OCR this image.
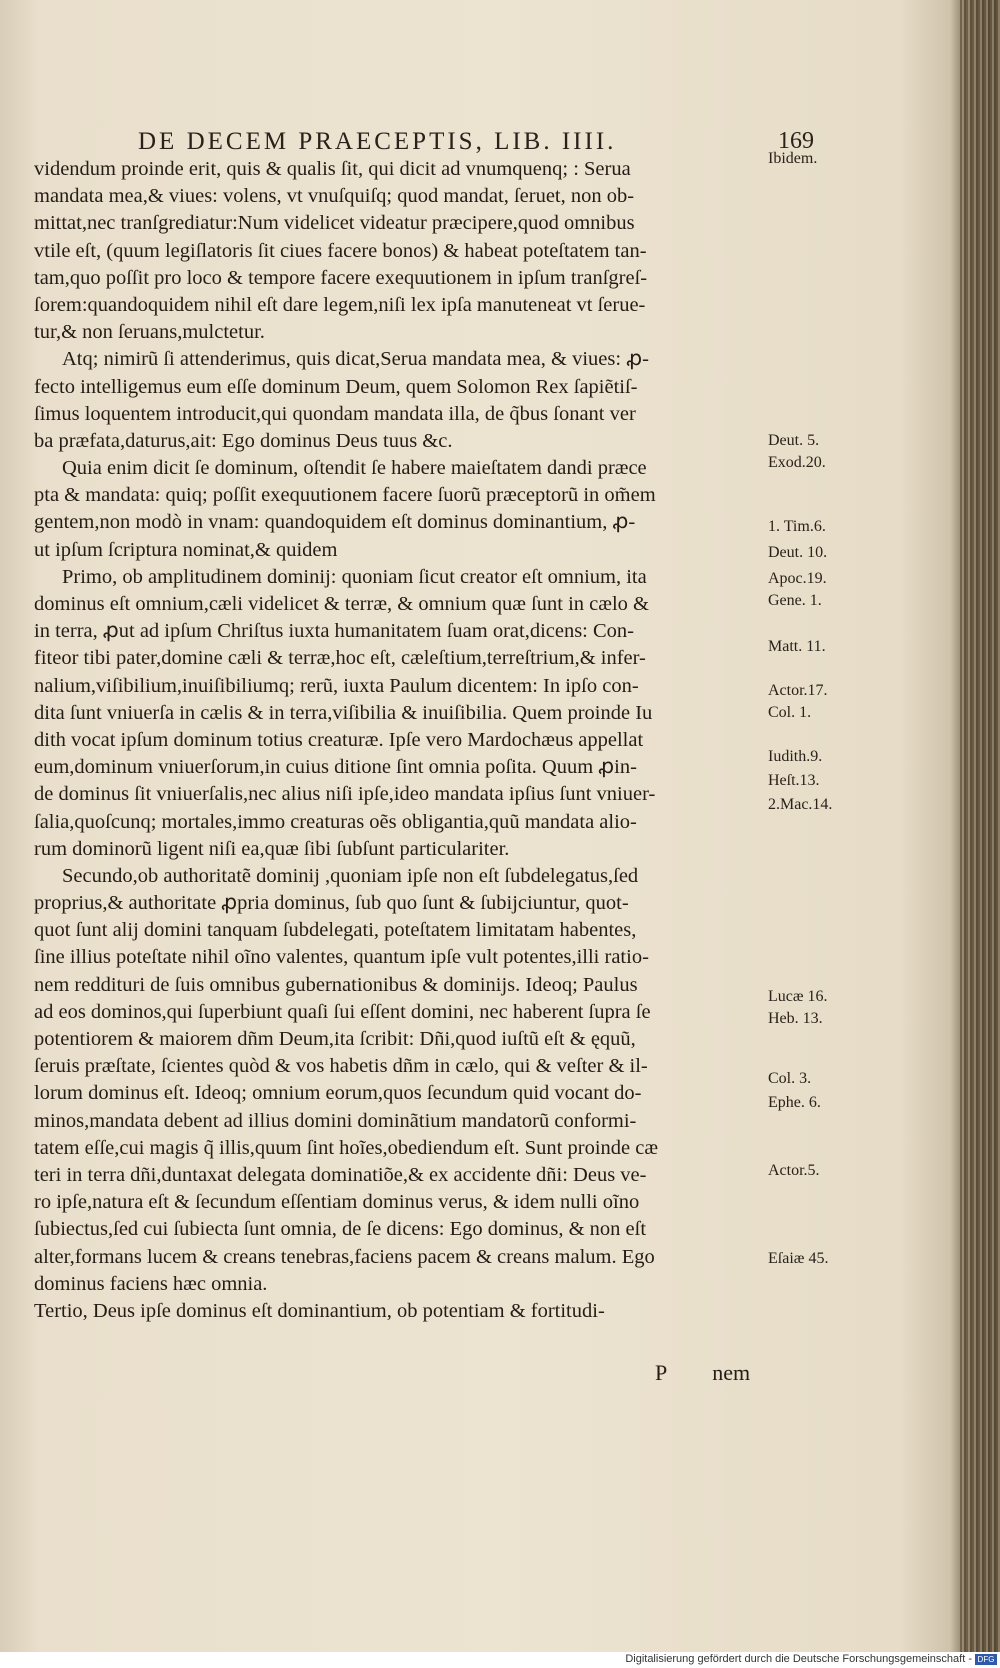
DE DECEM PRAECEPTIS, LIB. IIII.	169
videndum proinde erit, quis & qualis ſit, qui dicit ad vnumquenq; : Serua
mandata mea,& viues: volens, vt vnuſquiſq; quod mandat, ſeruet, non ob-
mittat,nec tranſgrediatur:Num videlicet videatur præcipere,quod omnibus
vtile eſt, (quum legiſlatoris ſit ciues facere bonos) & habeat poteſtatem tan-
tam,quo poſſit pro loco & tempore facere exequutionem in ipſum tranſgreſ-
ſorem:quandoquidem nihil eſt dare legem,niſi lex ipſa manuteneat vt ſerue-
tur,& non ſeruans,mulctetur.
Atq; nimirũ ſi attenderimus, quis dicat,Serua mandata mea, & viues: ꝓ-
fecto intelligemus eum eſſe dominum Deum, quem Solomon Rex ſapiẽtiſ-
ſimus loquentem introducit,qui quondam mandata illa, de q̃bus ſonant ver
ba præfata,daturus,ait: Ego dominus Deus tuus &c.
Quia enim dicit ſe dominum, oſtendit ſe habere maieſtatem dandi præce
pta & mandata: quiq; poſſit exequutionem facere ſuorũ præceptorũ in om̃em
gentem,non modò in vnam: quandoquidem eſt dominus dominantium, ꝓ-
ut ipſum ſcriptura nominat,& quidem
Primo, ob amplitudinem dominij: quoniam ſicut creator eſt omnium, ita
dominus eſt omnium,cæli videlicet & terræ, & omnium quæ ſunt in cælo &
in terra, ꝓut ad ipſum Chriſtus iuxta humanitatem ſuam orat,dicens: Con-
fiteor tibi pater,domine cæli & terræ,hoc eſt, cæleſtium,terreſtrium,& infer-
nalium,viſibilium,inuiſibiliumq; rerũ, iuxta Paulum dicentem: In ipſo con-
dita ſunt vniuerſa in cælis & in terra,viſibilia & inuiſibilia. Quem proinde Iu
dith vocat ipſum dominum totius creaturæ. Ipſe vero Mardochæus appellat
eum,dominum vniuerſorum,in cuius ditione ſint omnia poſita. Quum ꝓin-
de dominus ſit vniuerſalis,nec alius niſi ipſe,ideo mandata ipſius ſunt vniuer-
ſalia,quoſcunq; mortales,immo creaturas oẽs obligantia,quũ mandata alio-
rum dominorũ ligent niſi ea,quæ ſibi ſubſunt particulariter.
Secundo,ob authoritatẽ dominij ,quoniam ipſe non eſt ſubdelegatus,ſed
proprius,& authoritate ꝓpria dominus, ſub quo ſunt & ſubijciuntur, quot-
quot ſunt alij domini tanquam ſubdelegati, poteſtatem limitatam habentes,
ſine illius poteſtate nihil oĩno valentes, quantum ipſe vult potentes,illi ratio-
nem reddituri de ſuis omnibus gubernationibus & dominijs. Ideoq; Paulus
ad eos dominos,qui ſuperbiunt quaſi ſui eſſent domini, nec haberent ſupra ſe
potentiorem & maiorem dñm Deum,ita ſcribit: Dñi,quod iuſtũ eſt & ęquũ,
ſeruis præſtate, ſcientes quòd & vos habetis dñm in cælo, qui & veſter & il-
lorum dominus eſt. Ideoq; omnium eorum,quos ſecundum quid vocant do-
minos,mandata debent ad illius domini dominãtium mandatorũ conformi-
tatem eſſe,cui magis q̃ illis,quum ſint hoĩes,obediendum eſt. Sunt proinde cæ
teri in terra dñi,duntaxat delegata dominatiõe,& ex accidente dñi: Deus ve-
ro ipſe,natura eſt & ſecundum eſſentiam dominus verus, & idem nulli oĩno
ſubiectus,ſed cui ſubiecta ſunt omnia, de ſe dicens: Ego dominus, & non eſt
alter,formans lucem & creans tenebras,faciens pacem & creans malum. Ego
dominus faciens hæc omnia.
Tertio, Deus ipſe dominus eſt dominantium, ob potentiam & fortitudi-
Ibidem.
Deut. 5.
Exod.20.
1. Tim.6.
Deut. 10.
Apoc.19.
Gene. 1.
Matt. 11.
Actor.17.
Col. 1.
Iudith.9.
Heſt.13.
2.Mac.14.
Lucæ 16.
Heb. 13.
Col. 3.
Ephe. 6.
Actor.5.
Eſaiæ 45.
P nem
Digitalisierung gefördert durch die Deutsche Forschungsgemeinschaft - DFG
